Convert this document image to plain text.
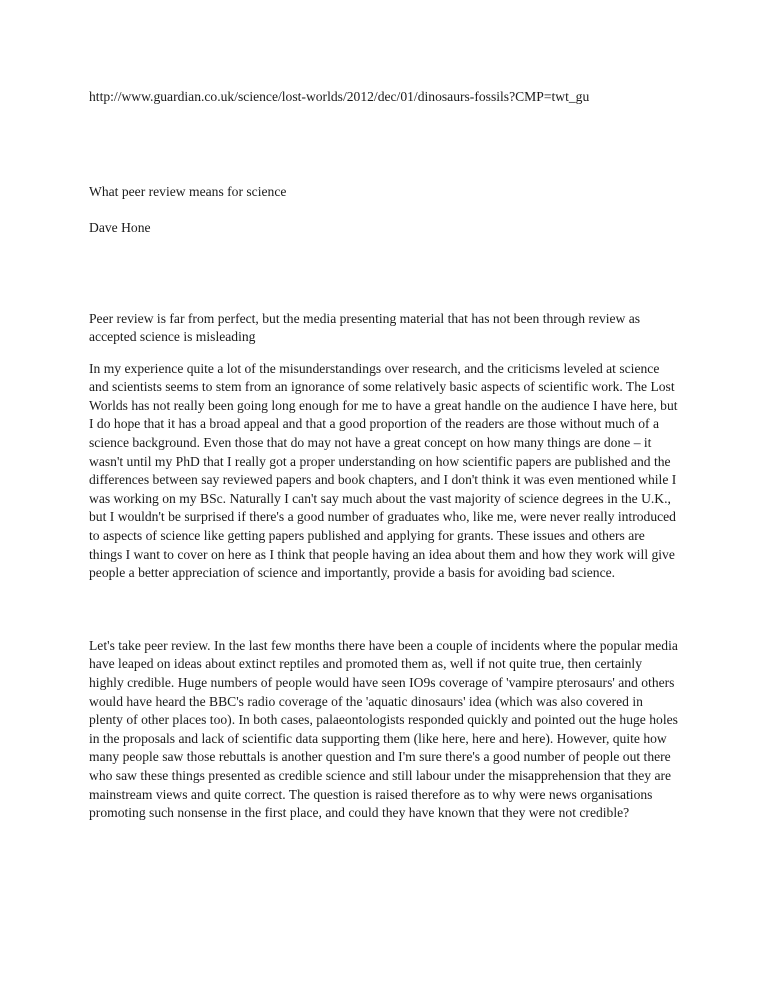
http://www.guardian.co.uk/science/lost-worlds/2012/dec/01/dinosaurs-fossils?CMP=twt_gu

What peer review means for science

Dave Hone

Peer review is far from perfect, but the media presenting material that has not been through review as accepted science is misleading

In my experience quite a lot of the misunderstandings over research, and the criticisms leveled at science and scientists seems to stem from an ignorance of some relatively basic aspects of scientific work. The Lost Worlds has not really been going long enough for me to have a great handle on the audience I have here, but I do hope that it has a broad appeal and that a good proportion of the readers are those without much of a science background. Even those that do may not have a great concept on how many things are done – it wasn't until my PhD that I really got a proper understanding on how scientific papers are published and the differences between say reviewed papers and book chapters, and I don't think it was even mentioned while I was working on my BSc. Naturally I can't say much about the vast majority of science degrees in the U.K., but I wouldn't be surprised if there's a good number of graduates who, like me, were never really introduced to aspects of science like getting papers published and applying for grants. These issues and others are things I want to cover on here as I think that people having an idea about them and how they work will give people a better appreciation of science and importantly, provide a basis for avoiding bad science.

Let's take peer review. In the last few months there have been a couple of incidents where the popular media have leaped on ideas about extinct reptiles and promoted them as, well if not quite true, then certainly highly credible. Huge numbers of people would have seen IO9s coverage of 'vampire pterosaurs' and others would have heard the BBC's radio coverage of the 'aquatic dinosaurs' idea (which was also covered in plenty of other places too). In both cases, palaeontologists responded quickly and pointed out the huge holes in the proposals and lack of scientific data supporting them (like here, here and here). However, quite how many people saw those rebuttals is another question and I'm sure there's a good number of people out there who saw these things presented as credible science and still labour under the misapprehension that they are mainstream views and quite correct. The question is raised therefore as to why were news organisations promoting such nonsense in the first place, and could they have known that they were not credible?
